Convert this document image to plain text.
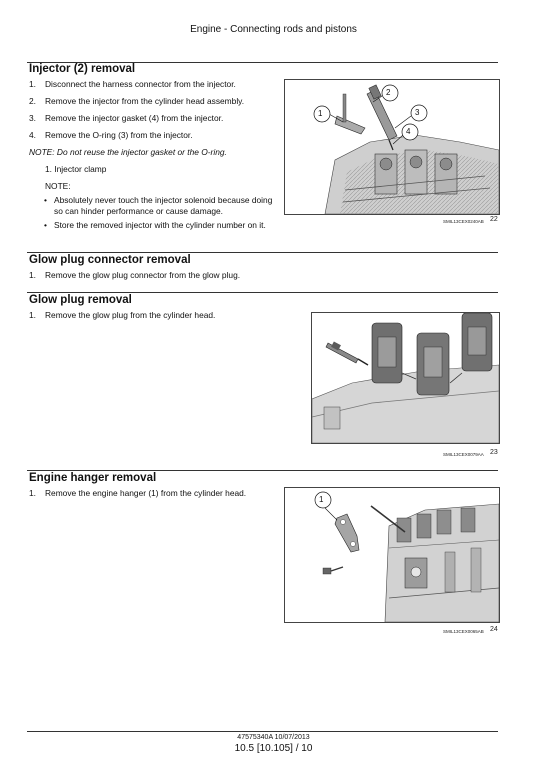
Engine - Connecting rods and pistons
Injector (2) removal
1. Disconnect the harness connector from the injector.
2. Remove the injector from the cylinder head assembly.
3. Remove the injector gasket (4) from the injector.
4. Remove the O-ring (3) from the injector.
NOTE: Do not reuse the injector gasket or the O-ring.
1. Injector clamp
NOTE:
• Absolutely never touch the injector solenoid because doing so can hinder performance or cause damage.
• Store the removed injector with the cylinder number on it.
1
2
3
4
SMIL13CEX0240AB 22
Glow plug connector removal
1. Remove the glow plug connector from the glow plug.
Glow plug removal
1. Remove the glow plug from the cylinder head.
SMIL13CEX0079AA 23
Engine hanger removal
1. Remove the engine hanger (1) from the cylinder head.
1
SMIL13CEX0065AB 24
47575340A 10/07/2013
10.5 [10.105] / 10
